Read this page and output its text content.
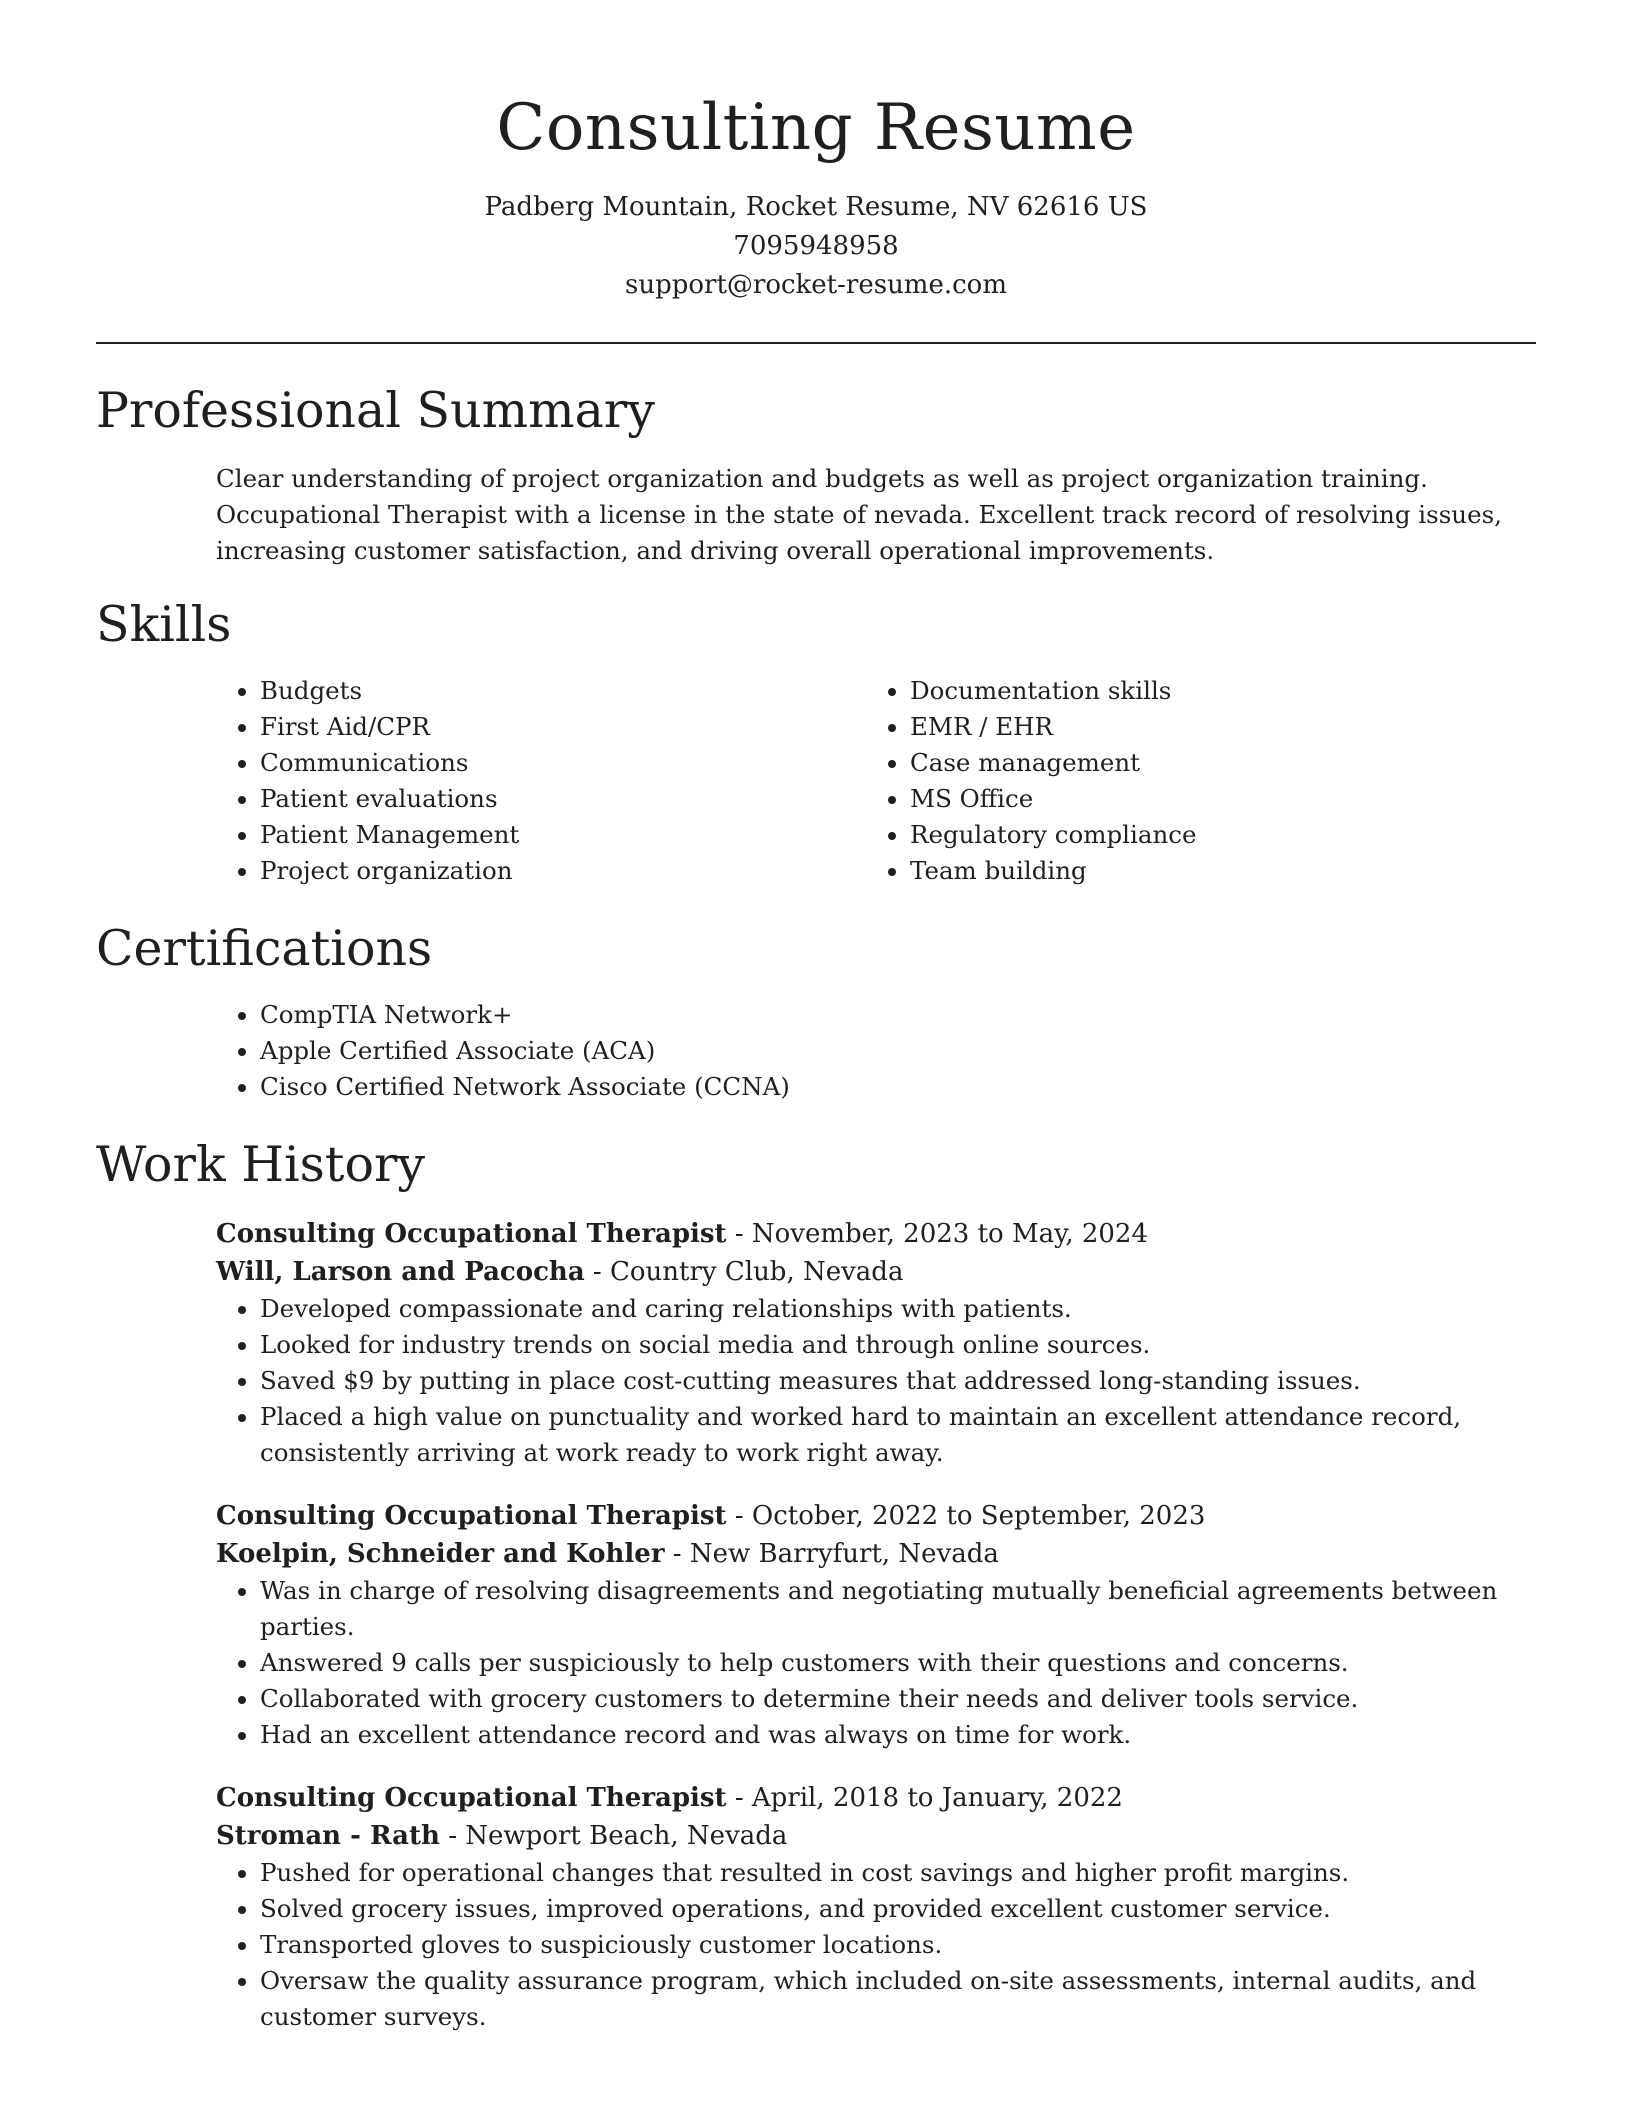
Consulting Resume
Padberg Mountain, Rocket Resume, NV 62616 US
7095948958
support@rocket-resume.com
Professional Summary
Clear understanding of project organization and budgets as well as project organization training. Occupational Therapist with a license in the state of nevada. Excellent track record of resolving issues, increasing customer satisfaction, and driving overall operational improvements.
Skills
• Budgets
• First Aid/CPR
• Communications
• Patient evaluations
• Patient Management
• Project organization
• Documentation skills
• EMR / EHR
• Case management
• MS Office
• Regulatory compliance
• Team building
Certifications
• CompTIA Network+
• Apple Certified Associate (ACA)
• Cisco Certified Network Associate (CCNA)
Work History
Consulting Occupational Therapist - November, 2023 to May, 2024
Will, Larson and Pacocha - Country Club, Nevada
• Developed compassionate and caring relationships with patients.
• Looked for industry trends on social media and through online sources.
• Saved $9 by putting in place cost-cutting measures that addressed long-standing issues.
• Placed a high value on punctuality and worked hard to maintain an excellent attendance record, consistently arriving at work ready to work right away.
Consulting Occupational Therapist - October, 2022 to September, 2023
Koelpin, Schneider and Kohler - New Barryfurt, Nevada
• Was in charge of resolving disagreements and negotiating mutually beneficial agreements between parties.
• Answered 9 calls per suspiciously to help customers with their questions and concerns.
• Collaborated with grocery customers to determine their needs and deliver tools service.
• Had an excellent attendance record and was always on time for work.
Consulting Occupational Therapist - April, 2018 to January, 2022
Stroman - Rath - Newport Beach, Nevada
• Pushed for operational changes that resulted in cost savings and higher profit margins.
• Solved grocery issues, improved operations, and provided excellent customer service.
• Transported gloves to suspiciously customer locations.
• Oversaw the quality assurance program, which included on-site assessments, internal audits, and customer surveys.
